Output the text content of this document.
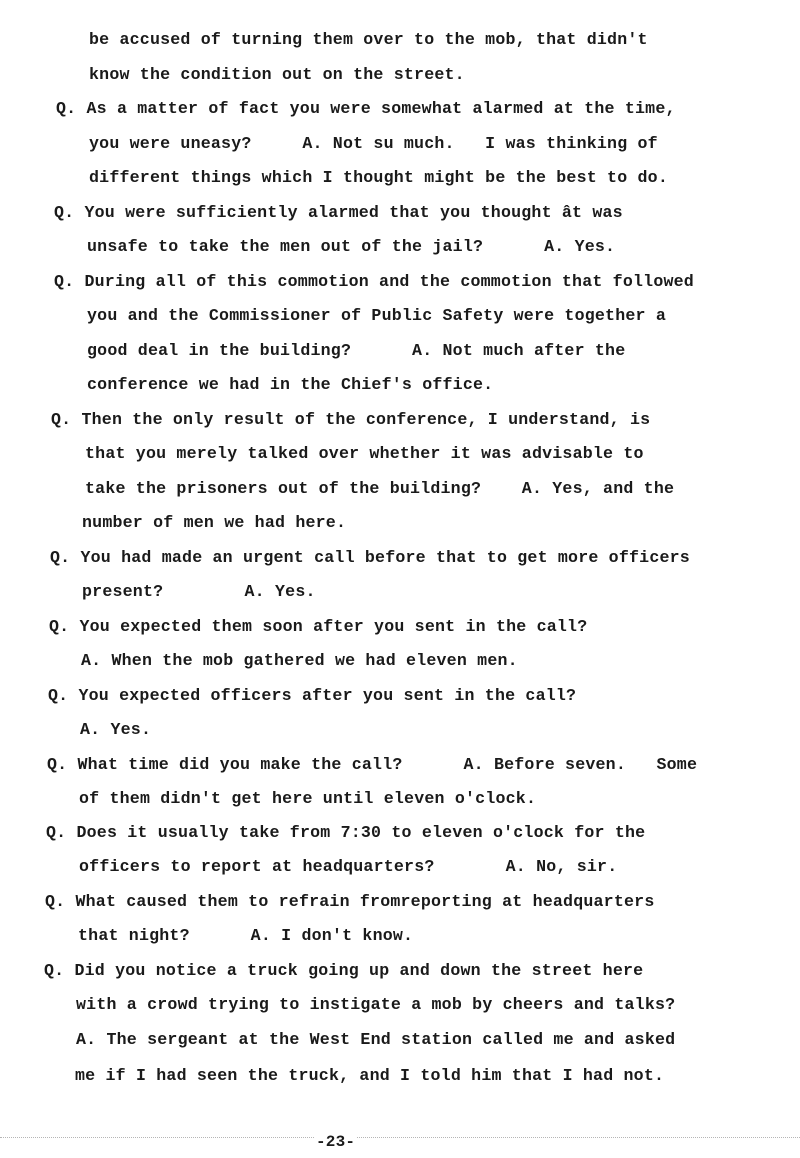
be accused of turning them over to the mob, that didn't
know the condition out on the street.
Q. As a matter of fact you were somewhat alarmed at the time,
you were uneasy?     A. Not su much.   I was thinking of
different things which I thought might be the best to do.
Q. You were sufficiently alarmed that you thought ât was
unsafe to take the men out of the jail?      A. Yes.
Q. During all of this commotion and the commotion that followed
you and the Commissioner of Public Safety were together a
good deal in the building?      A. Not much after the
conference we had in the Chief's office.
Q. Then the only result of the conference, I understand, is
that you merely talked over whether it was advisable to
take the prisoners out of the building?    A. Yes, and the
number of men we had here.
Q. You had made an urgent call before that to get more officers
present?        A. Yes.
Q. You expected them soon after you sent in the call?
A. When the mob gathered we had eleven men.
Q. You expected officers after you sent in the call?
A. Yes.
Q. What time did you make the call?      A. Before seven.   Some
of them didn't get here until eleven o'clock.
Q. Does it usually take from 7:30 to eleven o'clock for the
officers to report at headquarters?       A. No, sir.
Q. What caused them to refrain fromreporting at headquarters
that night?      A. I don't know.
Q. Did you notice a truck going up and down the street here
with a crowd trying to instigate a mob by cheers and talks?
A. The sergeant at the West End station called me and asked
me if I had seen the truck, and I told him that I had not.
-23-
